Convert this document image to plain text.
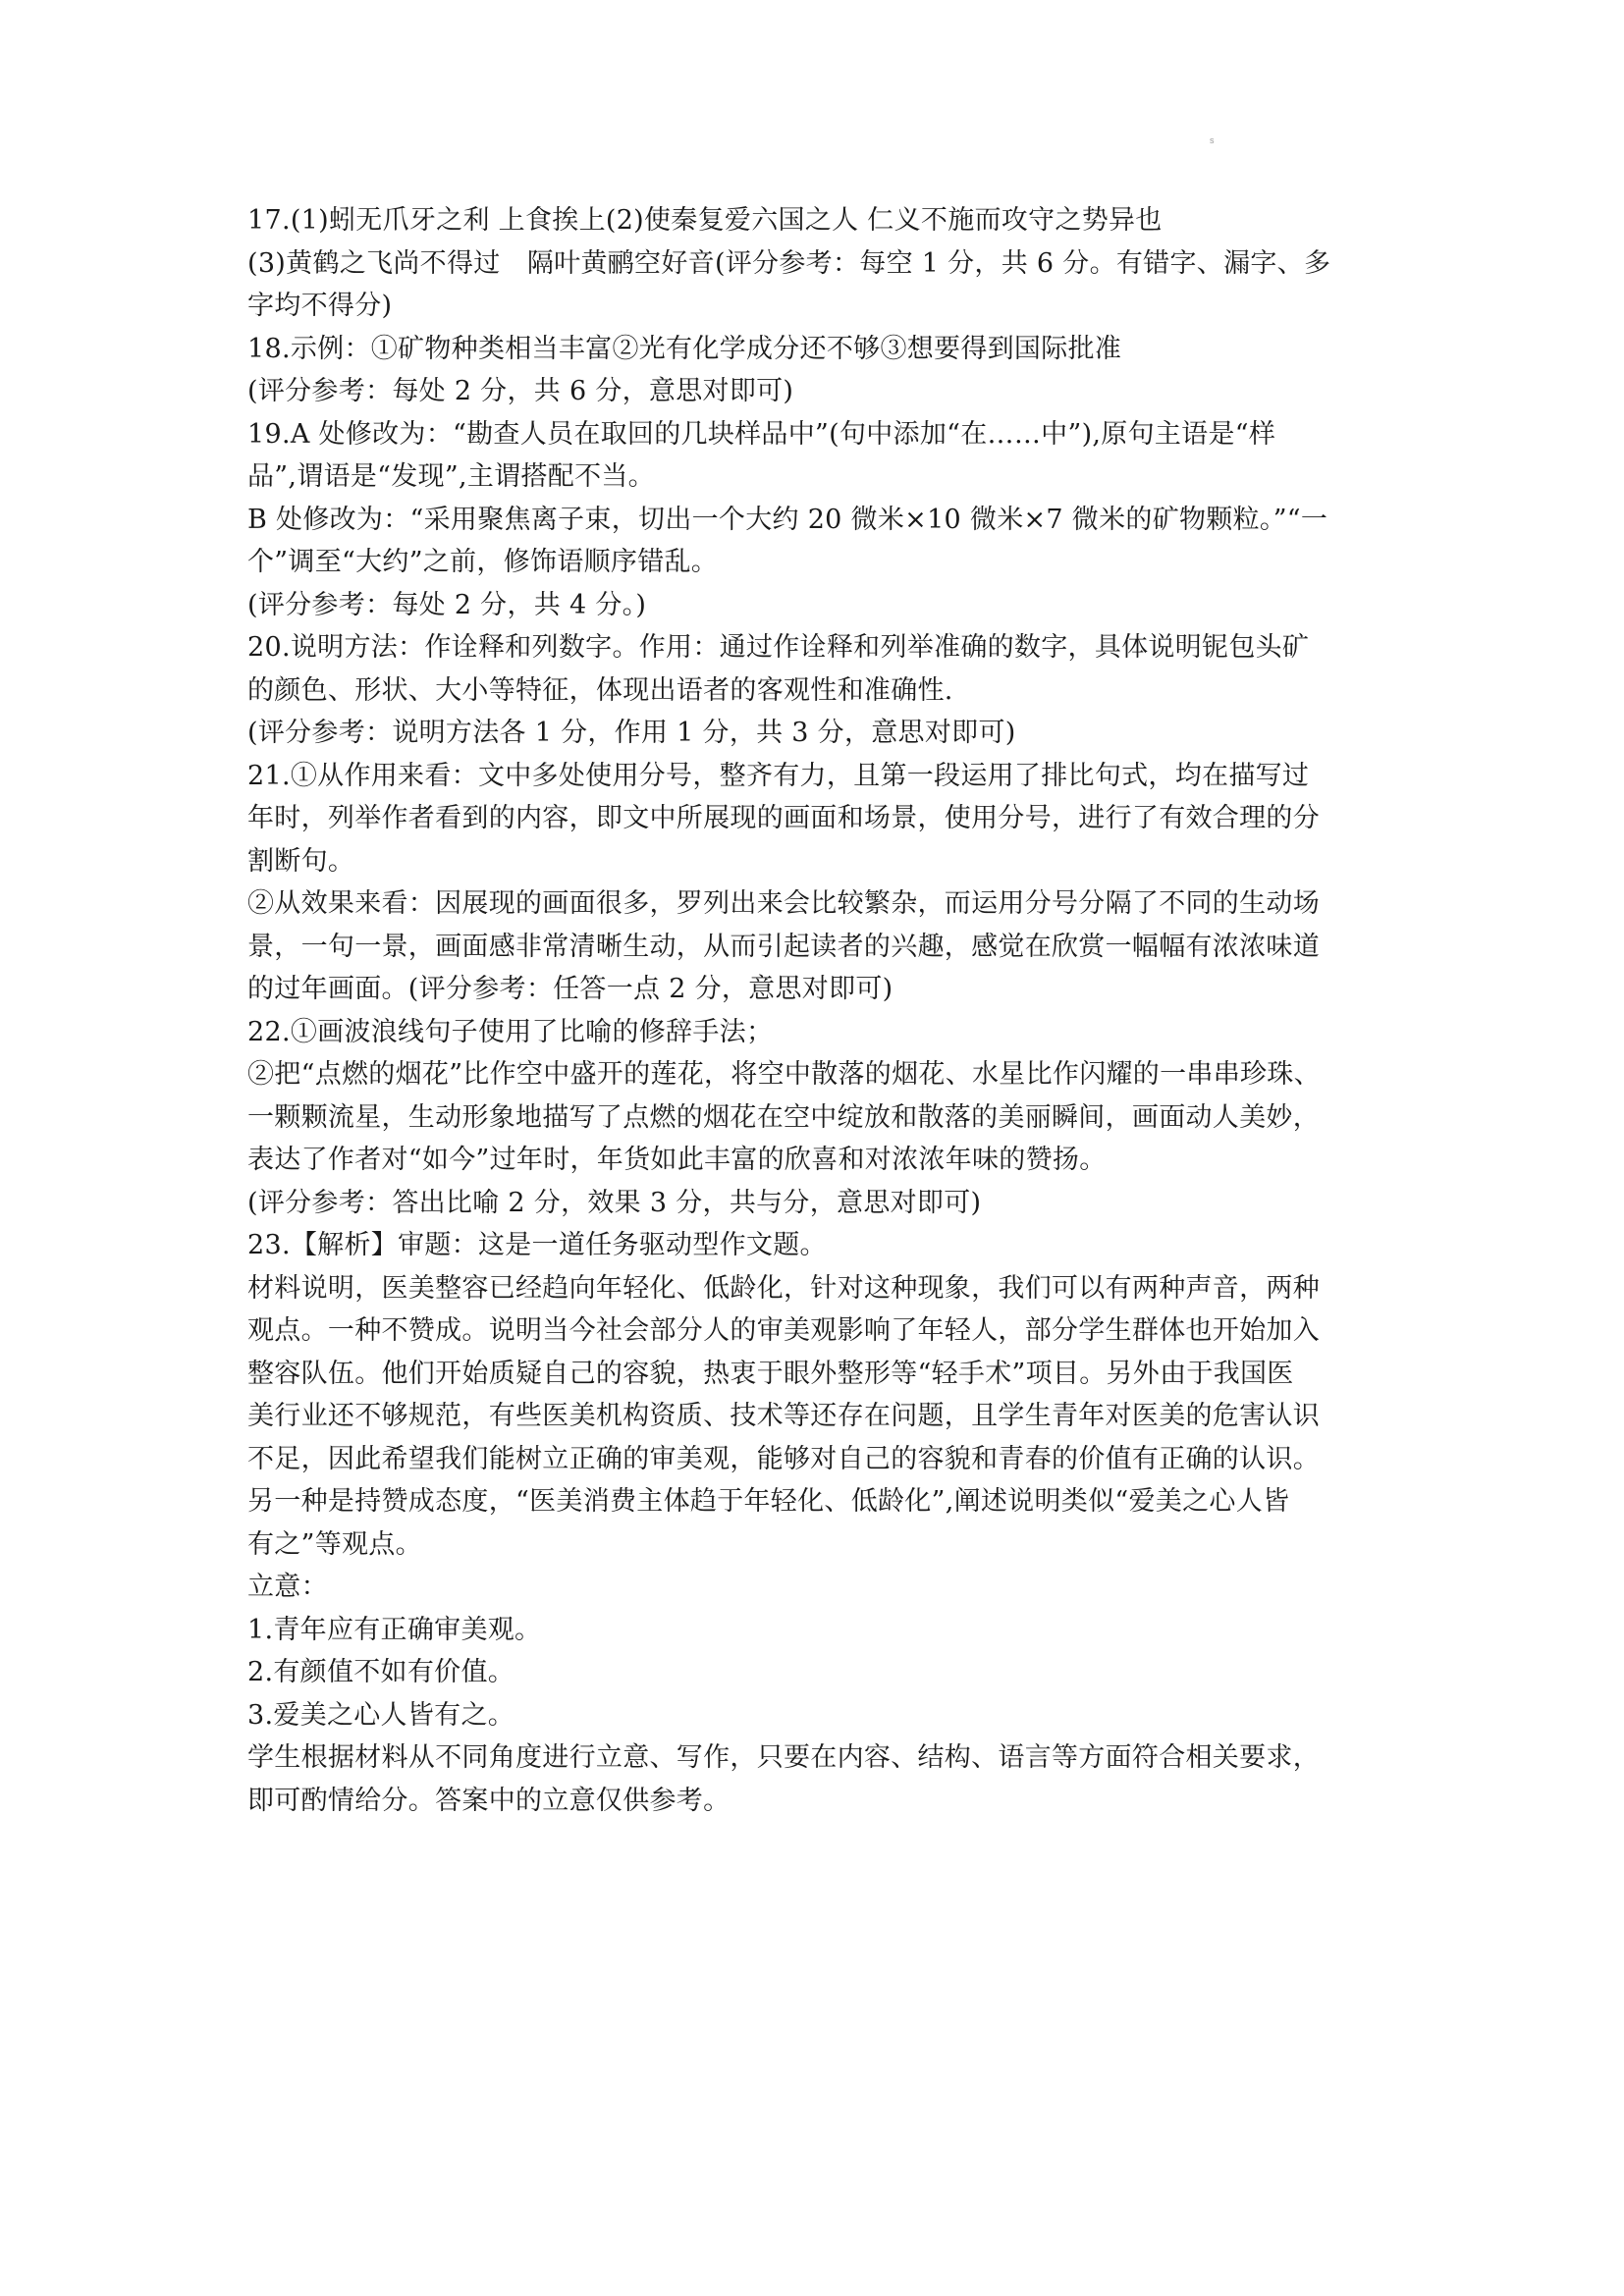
s
17.(1)蚓无爪牙之利 上食挨上(2)使秦复爱六国之人 仁义不施而攻守之势异也
(3)黄鹤之飞尚不得过　隔叶黄鹂空好音(评分参考：每空 1 分，共 6 分。有错字、漏字、多
字均不得分)
18.示例：①矿物种类相当丰富②光有化学成分还不够③想要得到国际批准
(评分参考：每处 2 分，共 6 分，意思对即可)
19.A 处修改为：“勘查人员在取回的几块样品中”(句中添加“在……中”),原句主语是“样
品”,谓语是“发现”,主谓搭配不当。
B 处修改为：“采用聚焦离子束，切出一个大约 20 微米×10 微米×7 微米的矿物颗粒。”“一
个”调至“大约”之前，修饰语顺序错乱。
(评分参考：每处 2 分，共 4 分。)
20.说明方法：作诠释和列数字。作用：通过作诠释和列举准确的数字，具体说明铌包头矿
的颜色、形状、大小等特征，体现出语者的客观性和准确性.
(评分参考：说明方法各 1 分，作用 1 分，共 3 分，意思对即可)
21.①从作用来看：文中多处使用分号，整齐有力，且第一段运用了排比句式，均在描写过
年时，列举作者看到的内容，即文中所展现的画面和场景，使用分号，进行了有效合理的分
割断句。
②从效果来看：因展现的画面很多，罗列出来会比较繁杂，而运用分号分隔了不同的生动场
景，一句一景，画面感非常清晰生动，从而引起读者的兴趣，感觉在欣赏一幅幅有浓浓味道
的过年画面。(评分参考：任答一点 2 分，意思对即可)
22.①画波浪线句子使用了比喻的修辞手法；
②把“点燃的烟花”比作空中盛开的莲花，将空中散落的烟花、水星比作闪耀的一串串珍珠、
一颗颗流星，生动形象地描写了点燃的烟花在空中绽放和散落的美丽瞬间，画面动人美妙，
表达了作者对“如今”过年时，年货如此丰富的欣喜和对浓浓年味的赞扬。
(评分参考：答出比喻 2 分，效果 3 分，共与分，意思对即可)
23.【解析】审题：这是一道任务驱动型作文题。
材料说明，医美整容已经趋向年轻化、低龄化，针对这种现象，我们可以有两种声音，两种
观点。一种不赞成。说明当今社会部分人的审美观影响了年轻人，部分学生群体也开始加入
整容队伍。他们开始质疑自己的容貌，热衷于眼外整形等“轻手术”项目。另外由于我国医
美行业还不够规范，有些医美机构资质、技术等还存在问题，且学生青年对医美的危害认识
不足，因此希望我们能树立正确的审美观，能够对自己的容貌和青春的价值有正确的认识。
另一种是持赞成态度，“医美消费主体趋于年轻化、低龄化”,阐述说明类似“爱美之心人皆
有之”等观点。
立意：
1.青年应有正确审美观。
2.有颜值不如有价值。
3.爱美之心人皆有之。
学生根据材料从不同角度进行立意、写作，只要在内容、结构、语言等方面符合相关要求，
即可酌情给分。答案中的立意仅供参考。
